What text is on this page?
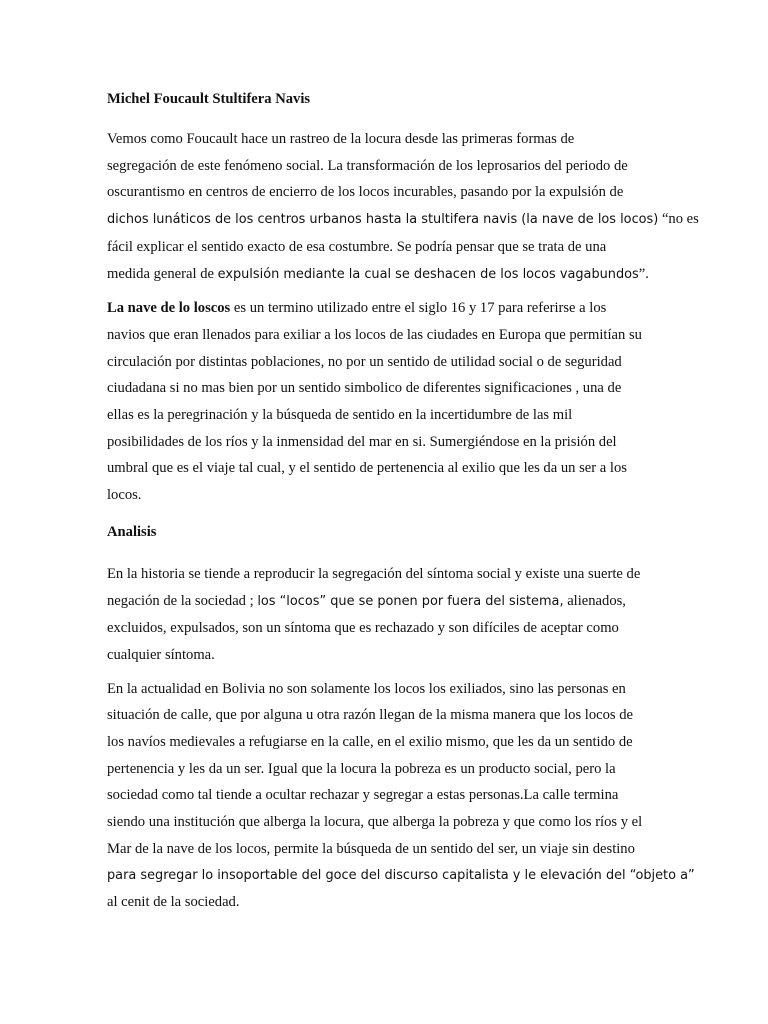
Michel Foucault Stultifera Navis
Vemos como Foucault hace un rastreo de la locura desde las primeras formas de
segregación de este fenómeno social. La transformación de los leprosarios del periodo de
oscurantismo en centros de encierro de los locos incurables, pasando por la expulsión de
dichos lunáticos de los centros urbanos hasta la stultifera navis (la nave de los locos) “no es
fácil explicar el sentido exacto de esa costumbre. Se podría pensar que se trata de una
medida general de expulsión mediante la cual se deshacen de los locos vagabundos”.
La nave de lo loscos es un termino utilizado entre el siglo 16 y 17 para referirse a los
navios que eran llenados para exiliar a los locos de las ciudades en Europa que permitían su
circulación por distintas poblaciones, no por un sentido de utilidad social o de seguridad
ciudadana si no mas bien por un sentido simbolico de diferentes significaciones , una de
ellas es la peregrinación y la búsqueda de sentido en la incertidumbre de las mil
posibilidades de los ríos y la inmensidad del mar en si. Sumergiéndose en la prisión del
umbral que es el viaje tal cual, y el sentido de pertenencia al exilio que les da un ser a los
locos.
Analisis
En la historia se tiende a reproducir la segregación del síntoma social y existe una suerte de
negación de la sociedad ; los “locos” que se ponen por fuera del sistema, alienados,
excluidos, expulsados, son un síntoma que es rechazado y son difíciles de aceptar como
cualquier síntoma.
En la actualidad en Bolivia no son solamente los locos los exiliados, sino las personas en
situación de calle, que por alguna u otra razón llegan de la misma manera que los locos de
los navíos medievales a refugiarse en la calle, en el exilio mismo, que les da un sentido de
pertenencia y les da un ser. Igual que la locura la pobreza es un producto social, pero la
sociedad como tal tiende a ocultar rechazar y segregar a estas personas.La calle termina
siendo una institución que alberga la locura, que alberga la pobreza y que como los ríos y el
Mar de la nave de los locos, permite la búsqueda de un sentido del ser, un viaje sin destino
para segregar lo insoportable del goce del discurso capitalista y le elevación del “objeto a”
al cenit de la sociedad.
